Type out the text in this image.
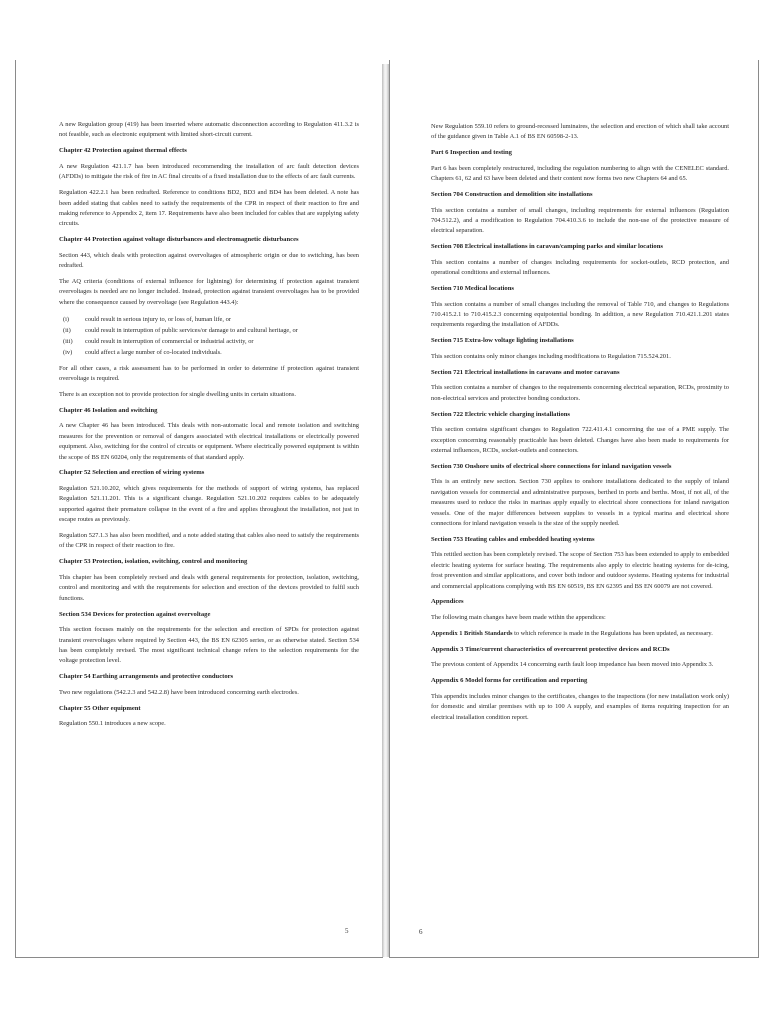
A new Regulation group (419) has been inserted where automatic disconnection according to Regulation 411.3.2 is not feasible, such as electronic equipment with limited short-circuit current.

Chapter 42 Protection against thermal effects

A new Regulation 421.1.7 has been introduced recommending the installation of arc fault detection devices (AFDDs) to mitigate the risk of fire in AC final circuits of a fixed installation due to the effects of arc fault currents.

Regulation 422.2.1 has been redrafted. Reference to conditions BD2, BD3 and BD4 has been deleted. A note has been added stating that cables need to satisfy the requirements of the CPR in respect of their reaction to fire and making reference to Appendix 2, item 17. Requirements have also been included for cables that are supplying safety circuits.

Chapter 44 Protection against voltage disturbances and electromagnetic disturbances

Section 443, which deals with protection against overvoltages of atmospheric origin or due to switching, has been redrafted.

The AQ criteria (conditions of external influence for lightning) for determining if protection against transient overvoltages is needed are no longer included. Instead, protection against transient overvoltages has to be provided where the consequence caused by overvoltage (see Regulation 443.4):

(i)	could result in serious injury to, or loss of, human life, or
(ii)	could result in interruption of public services/or damage to and cultural heritage, or
(iii)	could result in interruption of commercial or industrial activity, or
(iv)	could affect a large number of co-located individuals.

For all other cases, a risk assessment has to be performed in order to determine if protection against transient overvoltage is required.

There is an exception not to provide protection for single dwelling units in certain situations.

Chapter 46 Isolation and switching

A new Chapter 46 has been introduced. This deals with non-automatic local and remote isolation and switching measures for the prevention or removal of dangers associated with electrical installations or electrically powered equipment. Also, switching for the control of circuits or equipment. Where electrically powered equipment is within the scope of BS EN 60204, only the requirements of that standard apply.

Chapter 52 Selection and erection of wiring systems

Regulation 521.10.202, which gives requirements for the methods of support of wiring systems, has replaced Regulation 521.11.201. This is a significant change. Regulation 521.10.202 requires cables to be adequately supported against their premature collapse in the event of a fire and applies throughout the installation, not just in escape routes as previously.

Regulation 527.1.3 has also been modified, and a note added stating that cables also need to satisfy the requirements of the CPR in respect of their reaction to fire.

Chapter 53 Protection, isolation, switching, control and monitoring

This chapter has been completely revised and deals with general requirements for protection, isolation, switching, control and monitoring and with the requirements for selection and erection of the devices provided to fulfil such functions.

Section 534 Devices for protection against overvoltage

This section focuses mainly on the requirements for the selection and erection of SPDs for protection against transient overvoltages where required by Section 443, the BS EN 62305 series, or as otherwise stated. Section 534 has been completely revised. The most significant technical change refers to the selection requirements for the voltage protection level.

Chapter 54 Earthing arrangements and protective conductors

Two new regulations (542.2.3 and 542.2.8) have been introduced concerning earth electrodes.

Chapter 55 Other equipment

Regulation 550.1 introduces a new scope.

5

New Regulation 559.10 refers to ground-recessed luminaires, the selection and erection of which shall take account of the guidance given in Table A.1 of BS EN 60598-2-13.

Part 6 Inspection and testing

Part 6 has been completely restructured, including the regulation numbering to align with the CENELEC standard. Chapters 61, 62 and 63 have been deleted and their content now forms two new Chapters 64 and 65.

Section 704 Construction and demolition site installations

This section contains a number of small changes, including requirements for external influences (Regulation 704.512.2), and a modification to Regulation 704.410.3.6 to include the non-use of the protective measure of electrical separation.

Section 708 Electrical installations in caravan/camping parks and similar locations

This section contains a number of changes including requirements for socket-outlets, RCD protection, and operational conditions and external influences.

Section 710 Medical locations

This section contains a number of small changes including the removal of Table 710, and changes to Regulations 710.415.2.1 to 710.415.2.3 concerning equipotential bonding. In addition, a new Regulation 710.421.1.201 states requirements regarding the installation of AFDDs.

Section 715 Extra-low voltage lighting installations

This section contains only minor changes including modifications to Regulation 715.524.201.

Section 721 Electrical installations in caravans and motor caravans

This section contains a number of changes to the requirements concerning electrical separation, RCDs, proximity to non-electrical services and protective bonding conductors.

Section 722 Electric vehicle charging installations

This section contains significant changes to Regulation 722.411.4.1 concerning the use of a PME supply. The exception concerning reasonably practicable has been deleted. Changes have also been made to requirements for external influences, RCDs, socket-outlets and connectors.

Section 730 Onshore units of electrical shore connections for inland navigation vessels

This is an entirely new section. Section 730 applies to onshore installations dedicated to the supply of inland navigation vessels for commercial and administrative purposes, berthed in ports and berths. Most, if not all, of the measures used to reduce the risks in marinas apply equally to electrical shore connections for inland navigation vessels. One of the major differences between supplies to vessels in a typical marina and electrical shore connections for inland navigation vessels is the size of the supply needed.

Section 753 Heating cables and embedded heating systems

This retitled section has been completely revised. The scope of Section 753 has been extended to apply to embedded electric heating systems for surface heating. The requirements also apply to electric heating systems for de-icing, frost prevention and similar applications, and cover both indoor and outdoor systems. Heating systems for industrial and commercial applications complying with BS EN 60519, BS EN 62395 and BS EN 60079 are not covered.

Appendices

The following main changes have been made within the appendices:

Appendix 1 British Standards to which reference is made in the Regulations has been updated, as necessary.

Appendix 3 Time/current characteristics of overcurrent protective devices and RCDs

The previous content of Appendix 14 concerning earth fault loop impedance has been moved into Appendix 3.

Appendix 6 Model forms for certification and reporting

This appendix includes minor changes to the certificates, changes to the inspections (for new installation work only) for domestic and similar premises with up to 100 A supply, and examples of items requiring inspection for an electrical installation condition report.

6
